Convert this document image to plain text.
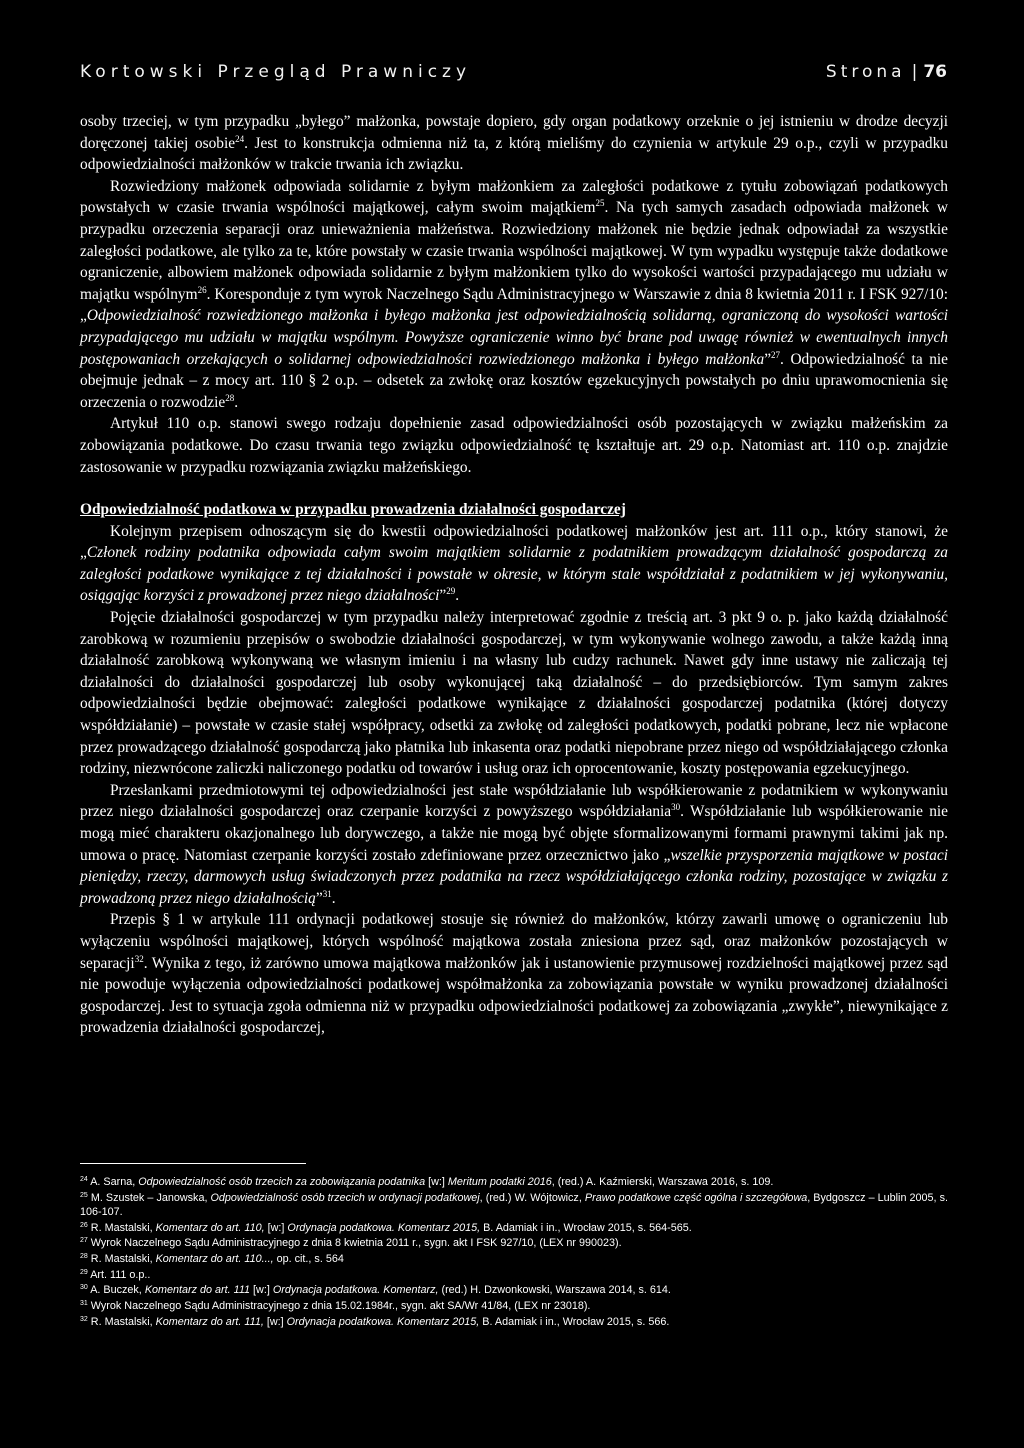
Kortowski Przegląd Prawniczy	Strona | 76

osoby trzeciej, w tym przypadku „byłego” małżonka, powstaje dopiero, gdy organ podatkowy orzeknie o jej istnieniu w drodze decyzji doręczonej takiej osobie$^{24}$. Jest to konstrukcja odmienna niż ta, z którą mieliśmy do czynienia w artykule 29 o.p., czyli w przypadku odpowiedzialności małżonków w trakcie trwania ich związku.

Rozwiedziony małżonek odpowiada solidarnie z byłym małżonkiem za zaległości podatkowe z tytułu zobowiązań podatkowych powstałych w czasie trwania wspólności majątkowej, całym swoim majątkiem$^{25}$. Na tych samych zasadach odpowiada małżonek w przypadku orzeczenia separacji oraz unieważnienia małżeństwa. Rozwiedziony małżonek nie będzie jednak odpowiadał za wszystkie zaległości podatkowe, ale tylko za te, które powstały w czasie trwania wspólności majątkowej. W tym wypadku występuje także dodatkowe ograniczenie, albowiem małżonek odpowiada solidarnie z byłym małżonkiem tylko do wysokości wartości przypadającego mu udziału w majątku wspólnym$^{26}$. Koresponduje z tym wyrok Naczelnego Sądu Administracyjnego w Warszawie z dnia 8 kwietnia 2011 r. I FSK 927/10: „Odpowiedzialność rozwiedzionego małżonka i byłego małżonka jest odpowiedzialnością solidarną, ograniczoną do wysokości wartości przypadającego mu udziału w majątku wspólnym. Powyższe ograniczenie winno być brane pod uwagę również w ewentualnych innych postępowaniach orzekających o solidarnej odpowiedzialności rozwiedzionego małżonka i byłego małżonka”$^{27}$. Odpowiedzialność ta nie obejmuje jednak – z mocy art. 110 § 2 o.p. – odsetek za zwłokę oraz kosztów egzekucyjnych powstałych po dniu uprawomocnienia się orzeczenia o rozwodzie$^{28}$.

Artykuł 110 o.p. stanowi swego rodzaju dopełnienie zasad odpowiedzialności osób pozostających w związku małżeńskim za zobowiązania podatkowe. Do czasu trwania tego związku odpowiedzialność tę kształtuje art. 29 o.p. Natomiast art. 110 o.p. znajdzie zastosowanie w przypadku rozwiązania związku małżeńskiego.

Odpowiedzialność podatkowa w przypadku prowadzenia działalności gospodarczej

Kolejnym przepisem odnoszącym się do kwestii odpowiedzialności podatkowej małżonków jest art. 111 o.p., który stanowi, że „Członek rodziny podatnika odpowiada całym swoim majątkiem solidarnie z podatnikiem prowadzącym działalność gospodarczą za zaległości podatkowe wynikające z tej działalności i powstałe w okresie, w którym stale współdziałał z podatnikiem w jej wykonywaniu, osiągając korzyści z prowadzonej przez niego działalności”$^{29}$.

Pojęcie działalności gospodarczej w tym przypadku należy interpretować zgodnie z treścią art. 3 pkt 9 o. p. jako każdą działalność zarobkową w rozumieniu przepisów o swobodzie działalności gospodarczej, w tym wykonywanie wolnego zawodu, a także każdą inną działalność zarobkową wykonywaną we własnym imieniu i na własny lub cudzy rachunek. Nawet gdy inne ustawy nie zaliczają tej działalności do działalności gospodarczej lub osoby wykonującej taką działalność – do przedsiębiorców. Tym samym zakres odpowiedzialności będzie obejmować: zaległości podatkowe wynikające z działalności gospodarczej podatnika (której dotyczy współdziałanie) – powstałe w czasie stałej współpracy, odsetki za zwłokę od zaległości podatkowych, podatki pobrane, lecz nie wpłacone przez prowadzącego działalność gospodarczą jako płatnika lub inkasenta oraz podatki niepobrane przez niego od współdziałającego członka rodziny, niezwrócone zaliczki naliczonego podatku od towarów i usług oraz ich oprocentowanie, koszty postępowania egzekucyjnego.

Przesłankami przedmiotowymi tej odpowiedzialności jest stałe współdziałanie lub współkierowanie z podatnikiem w wykonywaniu przez niego działalności gospodarczej oraz czerpanie korzyści z powyższego współdziałania$^{30}$. Współdziałanie lub współkierowanie nie mogą mieć charakteru okazjonalnego lub dorywczego, a także nie mogą być objęte sformalizowanymi formami prawnymi takimi jak np. umowa o pracę. Natomiast czerpanie korzyści zostało zdefiniowane przez orzecznictwo jako „wszelkie przysporzenia majątkowe w postaci pieniędzy, rzeczy, darmowych usług świadczonych przez podatnika na rzecz współdziałającego członka rodziny, pozostające w związku z prowadzoną przez niego działalnością”$^{31}$.

Przepis § 1 w artykule 111 ordynacji podatkowej stosuje się również do małżonków, którzy zawarli umowę o ograniczeniu lub wyłączeniu wspólności majątkowej, których wspólność majątkowa została zniesiona przez sąd, oraz małżonków pozostających w separacji$^{32}$. Wynika z tego, iż zarówno umowa majątkowa małżonków jak i ustanowienie przymusowej rozdzielności majątkowej przez sąd nie powoduje wyłączenia odpowiedzialności podatkowej współmałżonka za zobowiązania powstałe w wyniku prowadzonej działalności gospodarczej. Jest to sytuacja zgoła odmienna niż w przypadku odpowiedzialności podatkowej za zobowiązania „zwykłe”, niewynikające z prowadzenia działalności gospodarczej,

$^{24}$ A. Sarna, Odpowiedzialność osób trzecich za zobowiązania podatnika [w:] Meritum podatki 2016, (red.) A. Kaźmierski, Warszawa 2016, s. 109.

$^{25}$ M. Szustek – Janowska, Odpowiedzialność osób trzecich w ordynacji podatkowej, (red.) W. Wójtowicz, Prawo podatkowe część ogólna i szczegółowa, Bydgoszcz – Lublin 2005, s. 106-107.

$^{26}$ R. Mastalski, Komentarz do art. 110, [w:] Ordynacja podatkowa. Komentarz 2015, B. Adamiak i in., Wrocław 2015, s. 564-565.

$^{27}$ Wyrok Naczelnego Sądu Administracyjnego z dnia 8 kwietnia 2011 r., sygn. akt I FSK 927/10, (LEX nr 990023).

$^{28}$ R. Mastalski, Komentarz do art. 110..., op. cit., s. 564

$^{29}$ Art. 111 o.p..

$^{30}$ A. Buczek, Komentarz do art. 111 [w:] Ordynacja podatkowa. Komentarz, (red.) H. Dzwonkowski, Warszawa 2014, s. 614.

$^{31}$ Wyrok Naczelnego Sądu Administracyjnego z dnia 15.02.1984r., sygn. akt SA/Wr 41/84, (LEX nr 23018).

$^{32}$ R. Mastalski, Komentarz do art. 111, [w:] Ordynacja podatkowa. Komentarz 2015, B. Adamiak i in., Wrocław 2015, s. 566.
